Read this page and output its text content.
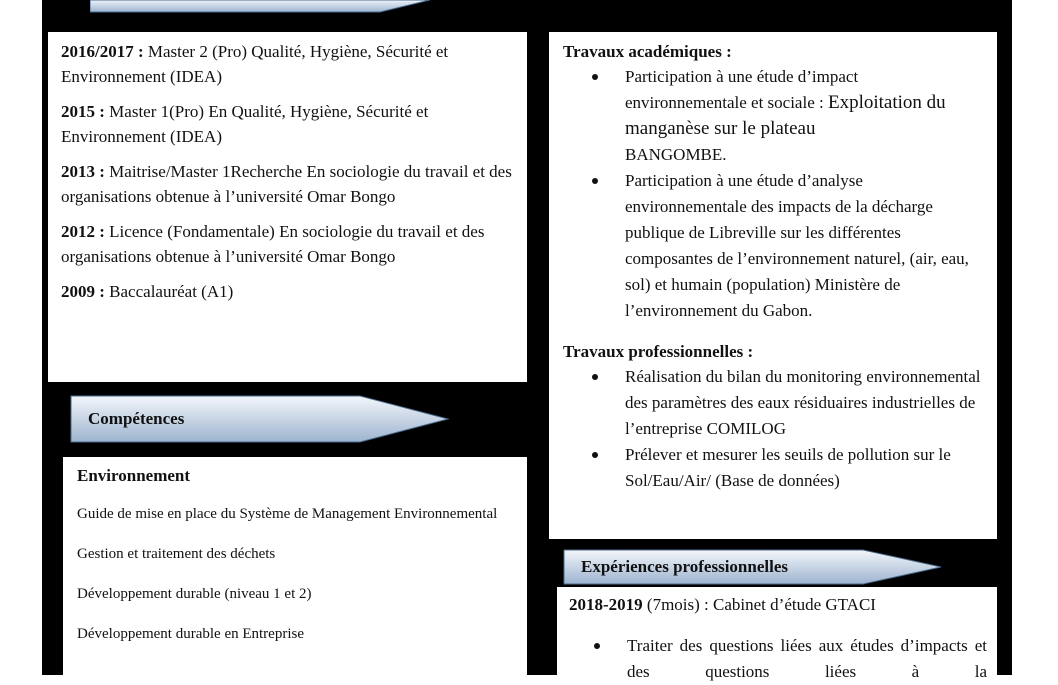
2016/2017 : Master 2 (Pro) Qualité, Hygiène, Sécurité et Environnement (IDEA)

2015 : Master 1(Pro) En Qualité, Hygiène, Sécurité et Environnement (IDEA)

2013 : Maitrise/Master 1Recherche En sociologie du travail et des organisations obtenue à l’université Omar Bongo

2012 : Licence (Fondamentale) En sociologie du travail et des organisations obtenue à l’université Omar Bongo

2009 : Baccalauréat (A1)

Compétences

Environnement

Guide de mise en place du Système de Management Environnemental

Gestion et traitement des déchets

Développement durable (niveau 1 et 2)

Développement durable en Entreprise

Travaux académiques :

Participation à une étude d’impact environnementale et sociale : Exploitation du manganèse sur le plateau
BANGOMBE.
Participation à une étude d’analyse environnementale des impacts de la décharge publique de Libreville sur les différentes composantes de l’environnement naturel, (air, eau, sol) et humain (population) Ministère de l’environnement du Gabon.

Travaux professionnelles :

Réalisation du bilan du monitoring environnemental des paramètres des eaux résiduaires industrielles de l’entreprise COMILOG
Prélever et mesurer les seuils de pollution sur le Sol/Eau/Air/ (Base de données)
Expériences professionnelles

2018-2019 (7mois) : Cabinet d’étude GTACI

Traiter des questions liées aux études d’impacts et des questions liées à la
